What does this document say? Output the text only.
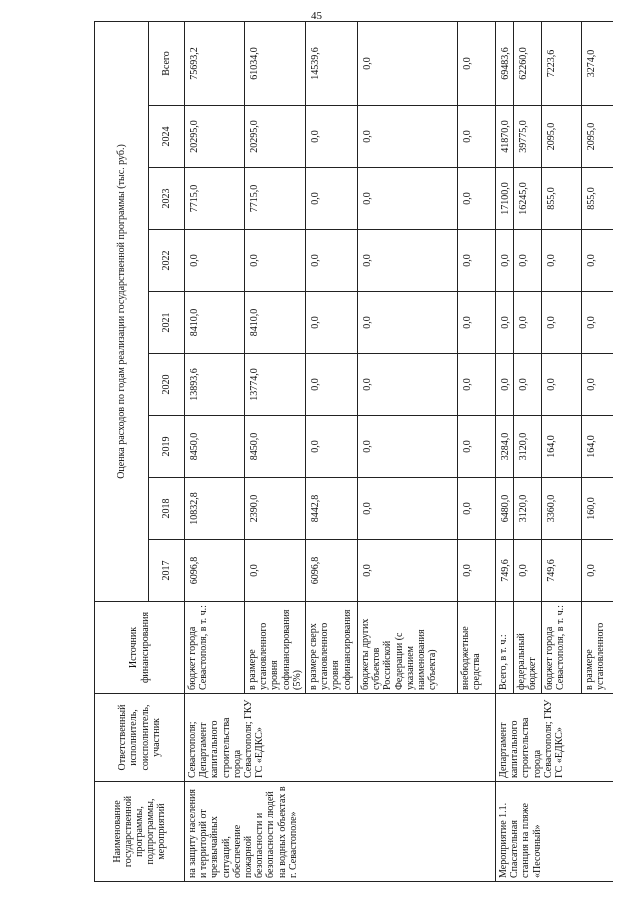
45
Наименование государственной программы, подпрограммы, мероприятий	Ответственный исполнитель, соисполнитель, участник	Источник финансирования	Оценка расходов по годам реализации государственной программы (тыс. руб.)								
			2017	2018	2019	2020	2021	2022	2023	2024	Всего
на защиту населения и территорий от чрезвычайных ситуаций, обеспечение пожарной безопасности и безопасности людей на водных объектах в г. Севастополе»	Севастополя; Департамент капитального строительства города Севастополя; ГКУ ГС «ЕДКС»	бюджет города Севастополя, в т. ч.:	6096,8	10832,8	8450,0	13893,6	8410,0	0,0	7715,0	20295,0	75693,2
		в размере установленного уровня софинансирования (5%)	0,0	2390,0	8450,0	13774,0	8410,0	0,0	7715,0	20295,0	61034,0
		в размере сверх установленного уровня софинансирования	6096,8	8442,8	0,0	0,0	0,0	0,0	0,0	0,0	14539,6
		бюджеты других субъектов Российской Федерации (с указанием наименования субъекта)	0,0	0,0	0,0	0,0	0,0	0,0	0,0	0,0	0,0
		внебюджетные средства	0,0	0,0	0,0	0,0	0,0	0,0	0,0	0,0	0,0
Мероприятие 1.1. Спасательная станция на пляже «Песочный»	Департамент капитального строительства города Севастополя; ГКУ ГС «ЕДКС»	Всего, в т. ч.:	749,6	6480,0	3284,0	0,0	0,0	0,0	17100,0	41870,0	69483,6
		федеральный бюджет	0,0	3120,0	3120,0	0,0	0,0	0,0	16245,0	39775,0	62260,0
		бюджет города Севастополя, в т. ч.:	749,6	3360,0	164,0	0,0	0,0	0,0	855,0	2095,0	7223,6
		в размере установленного	0,0	160,0	164,0	0,0	0,0	0,0	855,0	2095,0	3274,0
